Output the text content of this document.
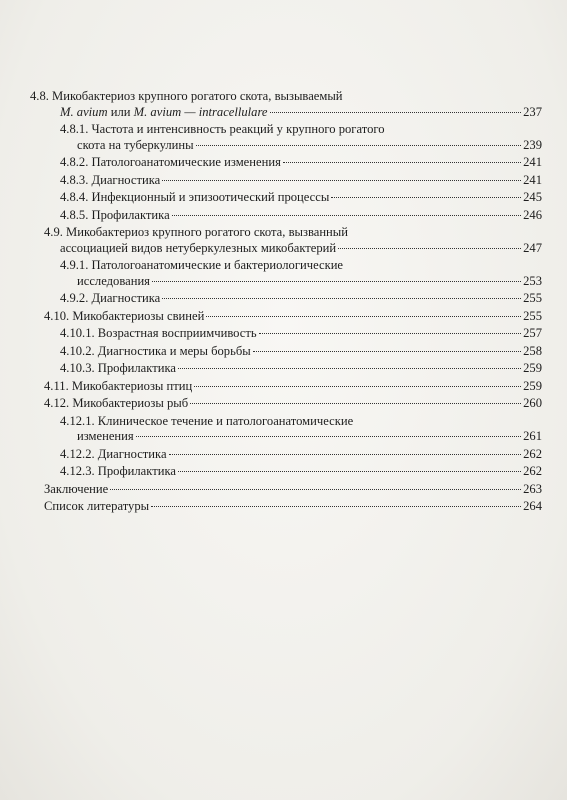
4.8. Микобактериоз крупного рогатого скота, вызываемый
M. avium или M. avium — intracellulare	237
4.8.1. Частота и интенсивность реакций у крупного рогатого
скота на туберкулины	239
4.8.2. Патологоанатомические изменения	241
4.8.3. Диагностика	241
4.8.4. Инфекционный и эпизоотический процессы	245
4.8.5. Профилактика	246
4.9. Микобактериоз крупного рогатого скота, вызванный
ассоциацией видов нетуберкулезных микобактерий	247
4.9.1. Патологоанатомические и бактериологические
исследования	253
4.9.2. Диагностика	255
4.10. Микобактериозы свиней	255
4.10.1. Возрастная восприимчивость	257
4.10.2. Диагностика и меры борьбы	258
4.10.3. Профилактика	259
4.11. Микобактериозы птиц	259
4.12. Микобактериозы рыб	260
4.12.1. Клиническое течение и патологоанатомические
изменения	261
4.12.2. Диагностика	262
4.12.3. Профилактика	262
Заключение	263
Список литературы	264
